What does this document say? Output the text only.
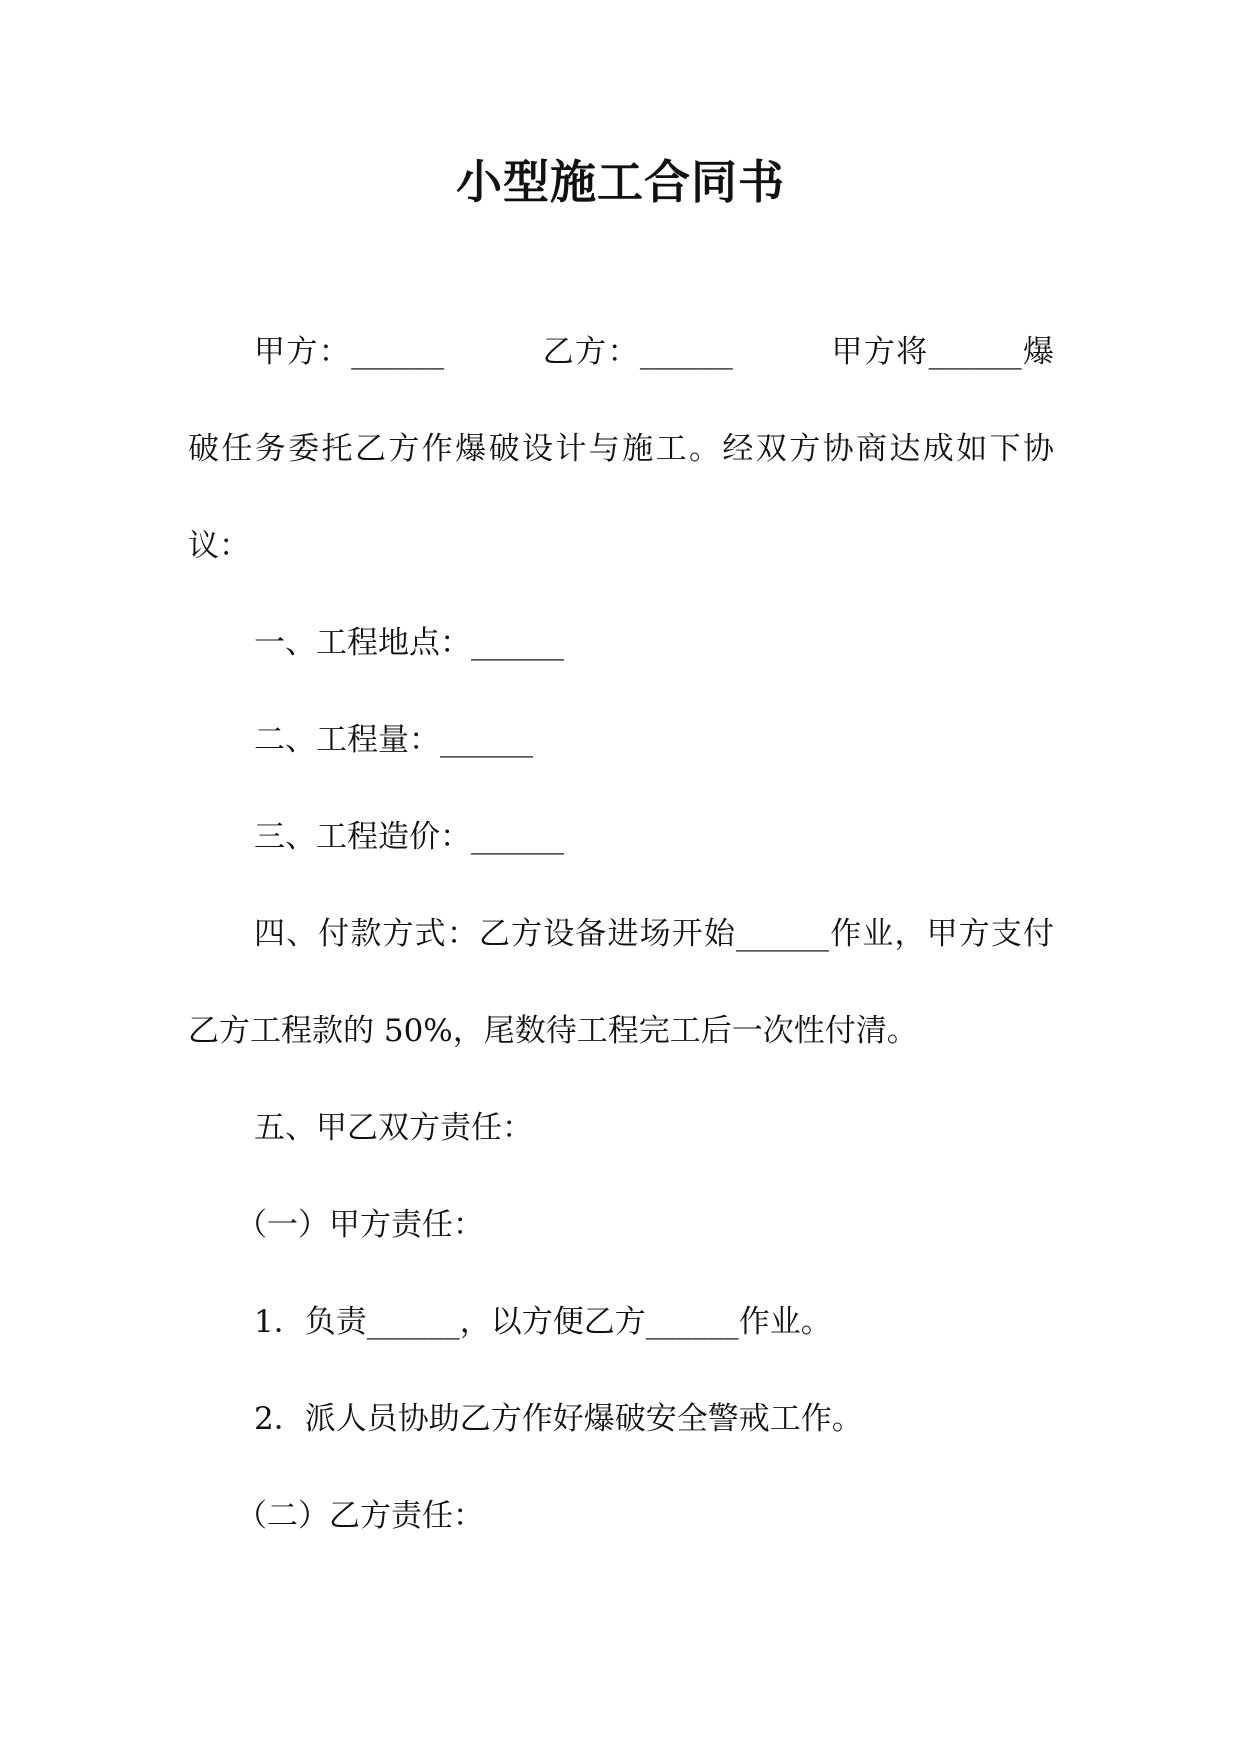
小型施工合同书

甲方：______　　　乙方：______　　　甲方将______爆破任务委托乙方作爆破设计与施工。经双方协商达成如下协议：

一、工程地点：______

二、工程量：______

三、工程造价：______

四、付款方式：乙方设备进场开始______作业，甲方支付乙方工程款的 50%，尾数待工程完工后一次性付清。

五、甲乙双方责任：

（一）甲方责任：

1．负责______，以方便乙方______作业。

2．派人员协助乙方作好爆破安全警戒工作。

（二）乙方责任：
